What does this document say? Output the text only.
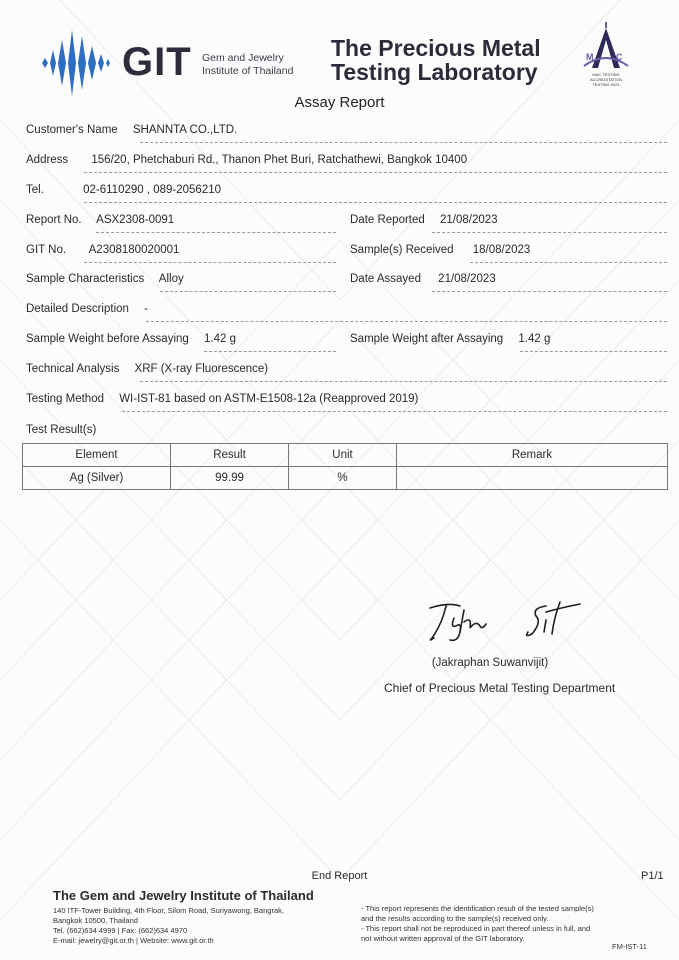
GIT Gem and Jewelry
Institute of Thailand
The Precious Metal
Testing Laboratory
M	C
MAC TESTING ACCREDITATION TESTING 0021
Assay Report
Customer's Name SHANNTA CO.,LTD.
Address 156/20, Phetchaburi Rd., Thanon Phet Buri, Ratchathewi, Bangkok 10400
Tel.	02-6110290 , 089-2056210
Report No. ASX2308-0091	Date Reported 21/08/2023
GIT No. A2308180020001	Sample(s) Received 18/08/2023
Sample Characteristics Alloy	Date Assayed 21/08/2023
Detailed Description -
Sample Weight before Assaying 1.42 g	Sample Weight after Assaying 1.42 g
Technical Analysis XRF (X-ray Fluorescence)
Testing Method WI-IST-81 based on ASTM-E1508-12a (Reapproved 2019)
Test Result(s)
Element	Result	Unit	Remark
Ag (Silver)	99.99	%	
(Jakraphan Suwanvijit)
Chief of Precious Metal Testing Department
End Report	P1/1
The Gem and Jewelry Institute of Thailand
140 ITF-Tower Building, 4th Floor, Silom Road, Suriyawong, Bangrak,
Bangkok 10500, Thailand
Tel. (662)634 4999 | Fax: (662)634 4970
E-mail: jewelry@git.or.th | Website: www.git.or.th
- This report represents the identification result of the tested sample(s)
and the results according to the sample(s) received only.
- This report shall not be reproduced in part thereof unless in full, and
not without written approval of the GIT laboratory.
FM-IST-11
